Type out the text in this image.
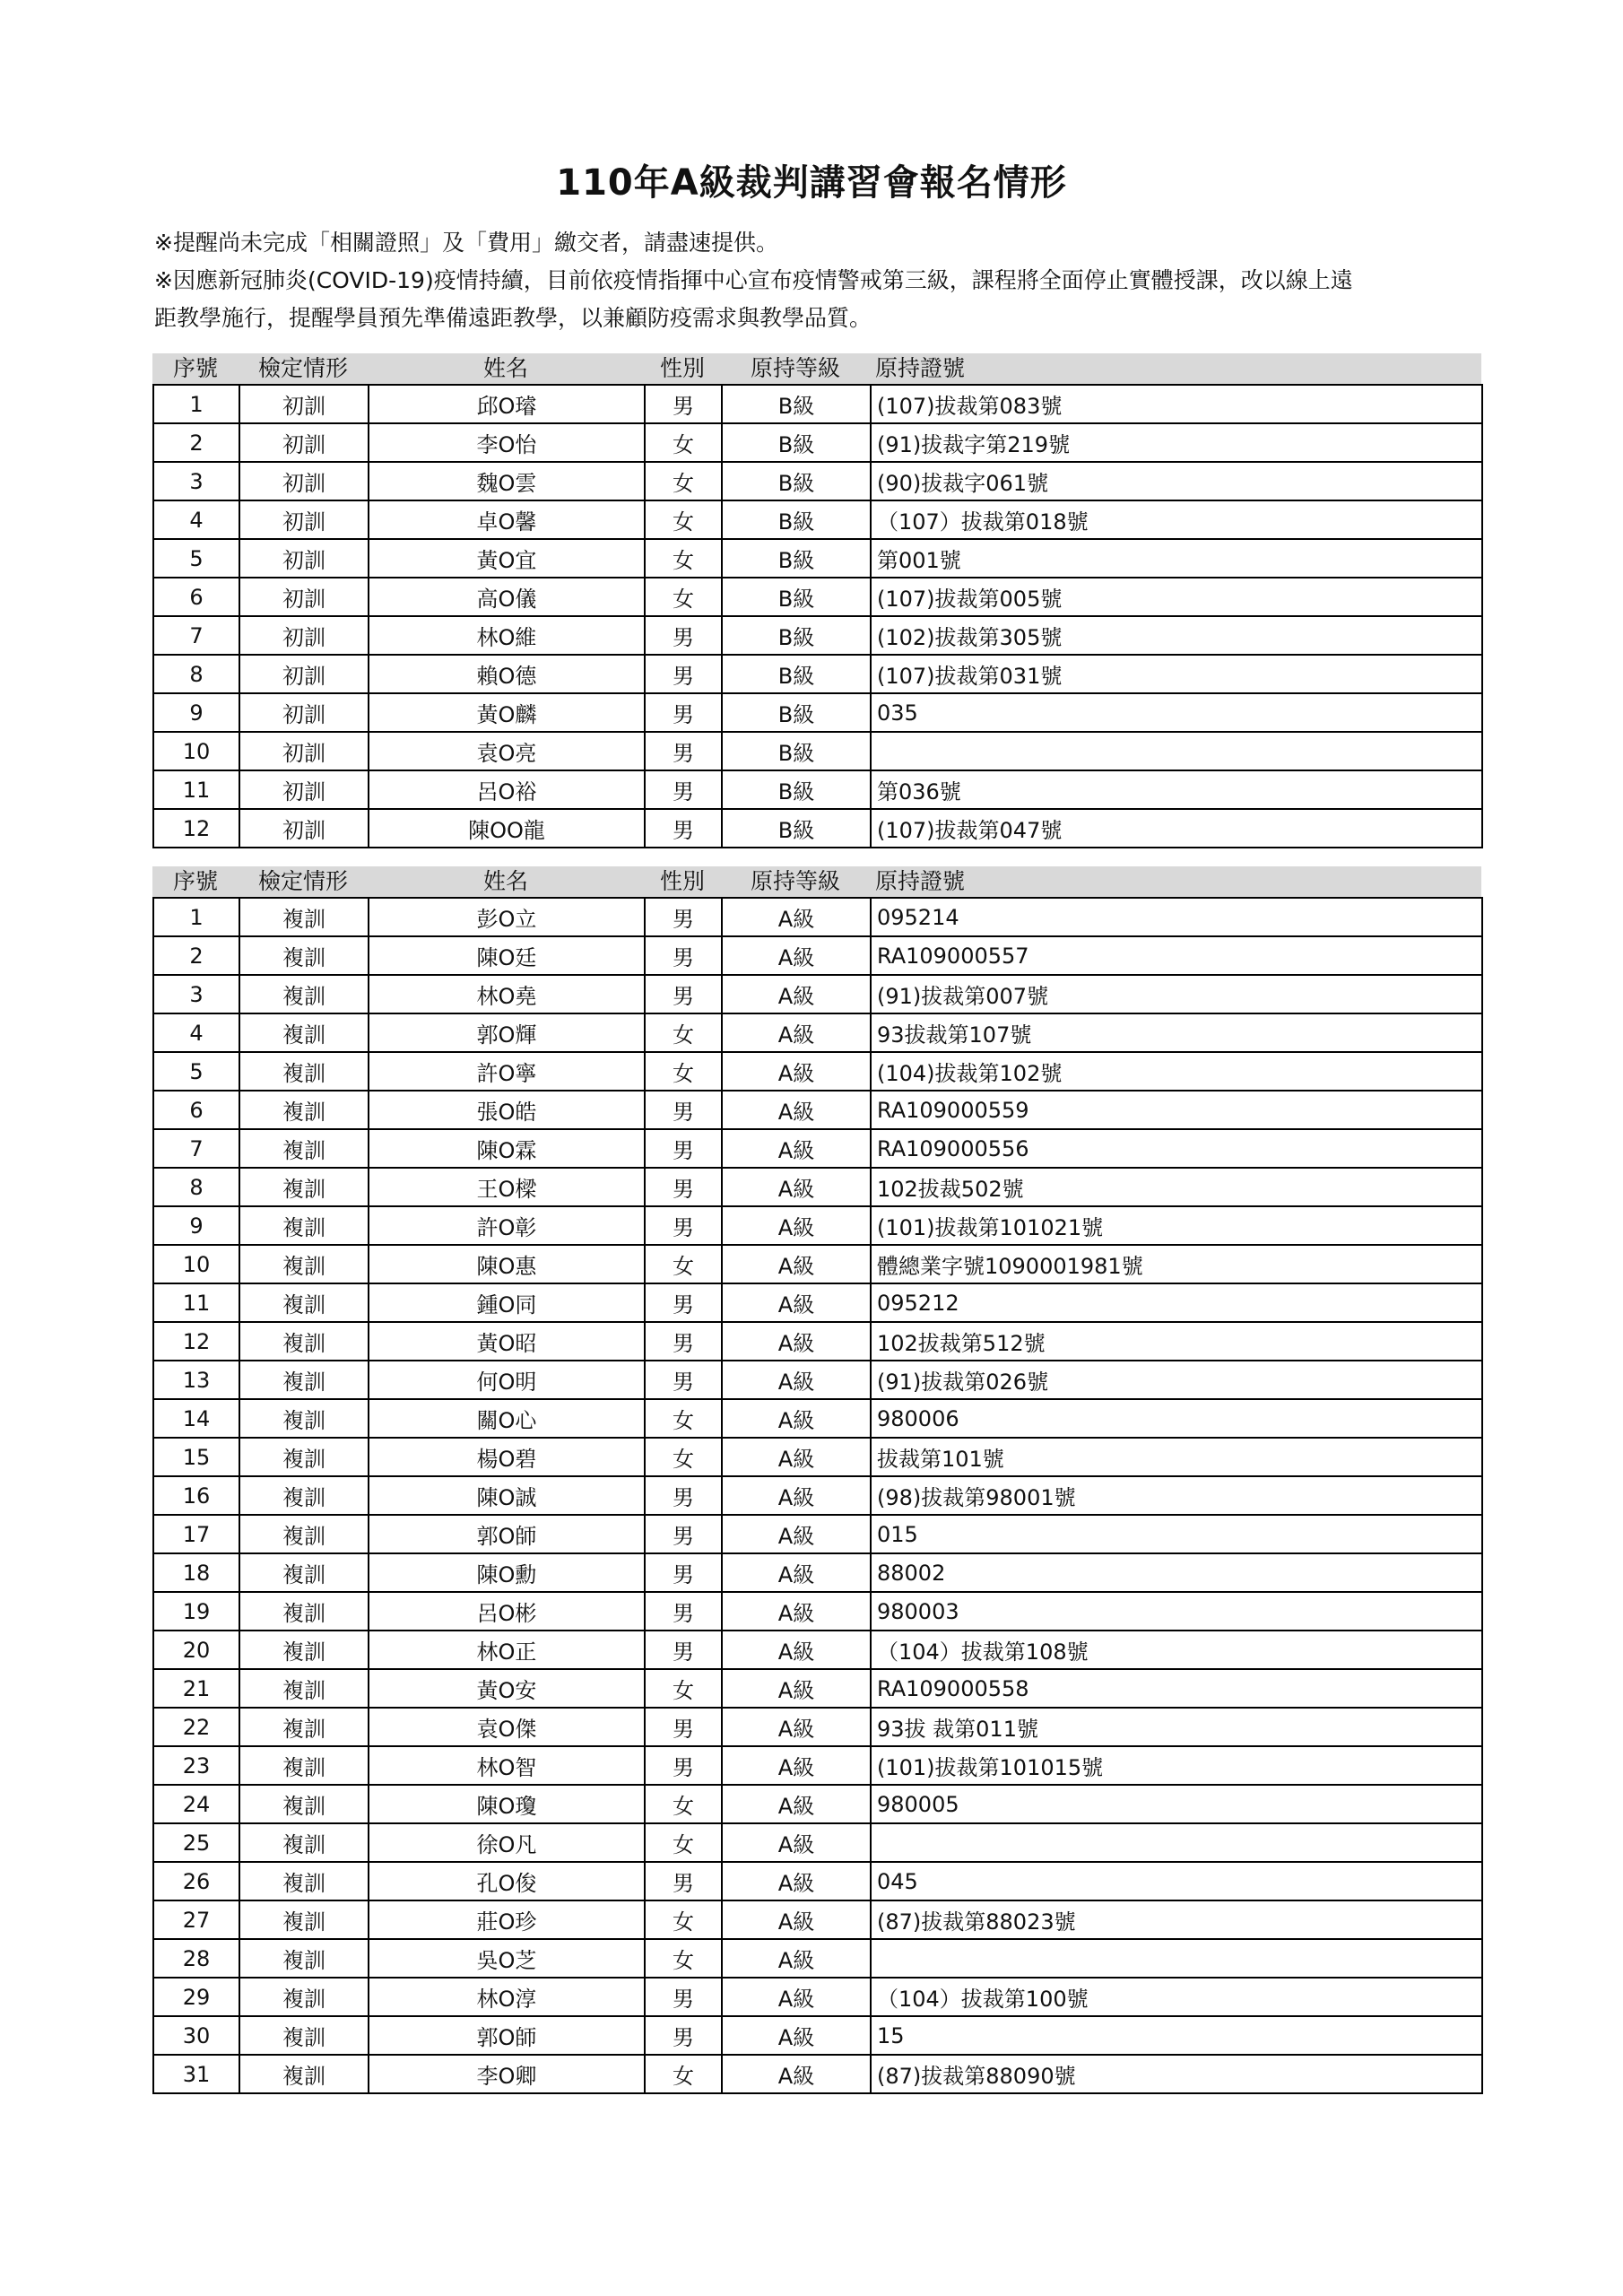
110年A級裁判講習會報名情形

※提醒尚未完成「相關證照」及「費用」繳交者，請盡速提供。

※因應新冠肺炎(COVID-19)疫情持續，目前依疫情指揮中心宣布疫情警戒第三級，課程將全面停止實體授課，改以線上遠

距教學施行，提醒學員預先準備遠距教學，以兼顧防疫需求與教學品質。

序號	檢定情形	姓名	性別	原持等級	原持證號
1	初訓	邱O璿	男	B級	(107)拔裁第083號
2	初訓	李O怡	女	B級	(91)拔裁字第219號
3	初訓	魏O雲	女	B級	(90)拔裁字061號
4	初訓	卓O馨	女	B級	（107）拔裁第018號
5	初訓	黃O宜	女	B級	第001號
6	初訓	高O儀	女	B級	(107)拔裁第005號
7	初訓	林O維	男	B級	(102)拔裁第305號
8	初訓	賴O德	男	B級	(107)拔裁第031號
9	初訓	黃O麟	男	B級	035
10	初訓	袁O亮	男	B級	
11	初訓	呂O裕	男	B級	第036號
12	初訓	陳OO龍	男	B級	(107)拔裁第047號
序號	檢定情形	姓名	性別	原持等級	原持證號
1	複訓	彭O立	男	A級	095214
2	複訓	陳O廷	男	A級	RA109000557
3	複訓	林O堯	男	A級	(91)拔裁第007號
4	複訓	郭O輝	女	A級	93拔裁第107號
5	複訓	許O寧	女	A級	(104)拔裁第102號
6	複訓	張O皓	男	A級	RA109000559
7	複訓	陳O霖	男	A級	RA109000556
8	複訓	王O樑	男	A級	102拔裁502號
9	複訓	許O彰	男	A級	(101)拔裁第101021號
10	複訓	陳O惠	女	A級	體總業字號1090001981號
11	複訓	鍾O同	男	A級	095212
12	複訓	黃O昭	男	A級	102拔裁第512號
13	複訓	何O明	男	A級	(91)拔裁第026號
14	複訓	關O心	女	A級	980006
15	複訓	楊O碧	女	A級	拔裁第101號
16	複訓	陳O誠	男	A級	(98)拔裁第98001號
17	複訓	郭O師	男	A級	015
18	複訓	陳O勳	男	A級	88002
19	複訓	呂O彬	男	A級	980003
20	複訓	林O正	男	A級	（104）拔裁第108號
21	複訓	黃O安	女	A級	RA109000558
22	複訓	袁O傑	男	A級	93拔 裁第011號
23	複訓	林O智	男	A級	(101)拔裁第101015號
24	複訓	陳O瓊	女	A級	980005
25	複訓	徐O凡	女	A級	
26	複訓	孔O俊	男	A級	045
27	複訓	莊O珍	女	A級	(87)拔裁第88023號
28	複訓	吳O芝	女	A級	
29	複訓	林O淳	男	A級	（104）拔裁第100號
30	複訓	郭O師	男	A級	15
31	複訓	李O卿	女	A級	(87)拔裁第88090號
